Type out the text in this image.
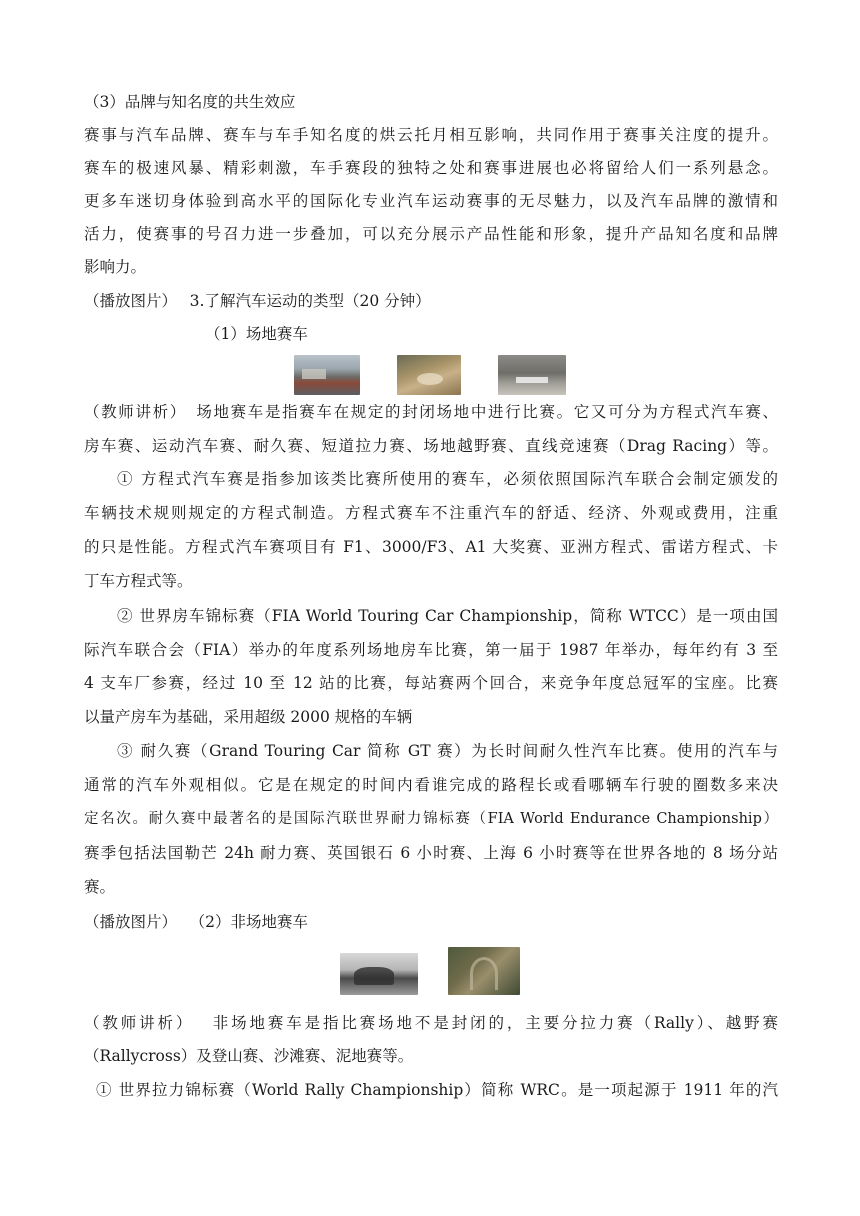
（3）品牌与知名度的共生效应
赛事与汽车品牌、赛车与车手知名度的烘云托月相互影响，共同作用于赛事关注度的提升。
赛车的极速风暴、精彩刺激，车手赛段的独特之处和赛事进展也必将留给人们一系列悬念。
更多车迷切身体验到高水平的国际化专业汽车运动赛事的无尽魅力，以及汽车品牌的激情和
活力，使赛事的号召力进一步叠加，可以充分展示产品性能和形象，提升产品知名度和品牌
影响力。
（播放图片）　 3.了解汽车运动的类型（20 分钟）
（1）场地赛车
（教师讲析）　场地赛车是指赛车在规定的封闭场地中进行比赛。它又可分为方程式汽车赛、
房车赛、运动汽车赛、耐久赛、短道拉力赛、场地越野赛、直线竞速赛（Drag Racing）等。
① 方程式汽车赛是指参加该类比赛所使用的赛车，必须依照国际汽车联合会制定颁发的
车辆技术规则规定的方程式制造。方程式赛车不注重汽车的舒适、经济、外观或费用，注重
的只是性能。方程式汽车赛项目有 F1、3000/F3、A1 大奖赛、亚洲方程式、雷诺方程式、卡
丁车方程式等。
② 世界房车锦标赛（FIA World Touring Car Championship，简称 WTCC）是一项由国
际汽车联合会（FIA）举办的年度系列场地房车比赛，第一届于 1987 年举办，每年约有 3 至
4 支车厂参赛，经过 10 至 12 站的比赛，每站赛两个回合，来竞争年度总冠军的宝座。比赛
以量产房车为基础，采用超级 2000 规格的车辆
③ 耐久赛（Grand Touring Car 简称 GT 赛）为长时间耐久性汽车比赛。使用的汽车与
通常的汽车外观相似。它是在规定的时间内看谁完成的路程长或看哪辆车行驶的圈数多来决
定名次。耐久赛中最著名的是国际汽联世界耐力锦标赛（FIA World Endurance Championship）
赛季包括法国勒芒 24h 耐力赛、英国银石 6 小时赛、上海 6 小时赛等在世界各地的 8 场分站
赛。
（播放图片）　 （2）非场地赛车
（教师讲析）　 非场地赛车是指比赛场地不是封闭的，主要分拉力赛（Rally）、越野赛
（Rallycross）及登山赛、沙滩赛、泥地赛等。
① 世界拉力锦标赛（World Rally Championship）简称 WRC。是一项起源于 1911 年的汽
